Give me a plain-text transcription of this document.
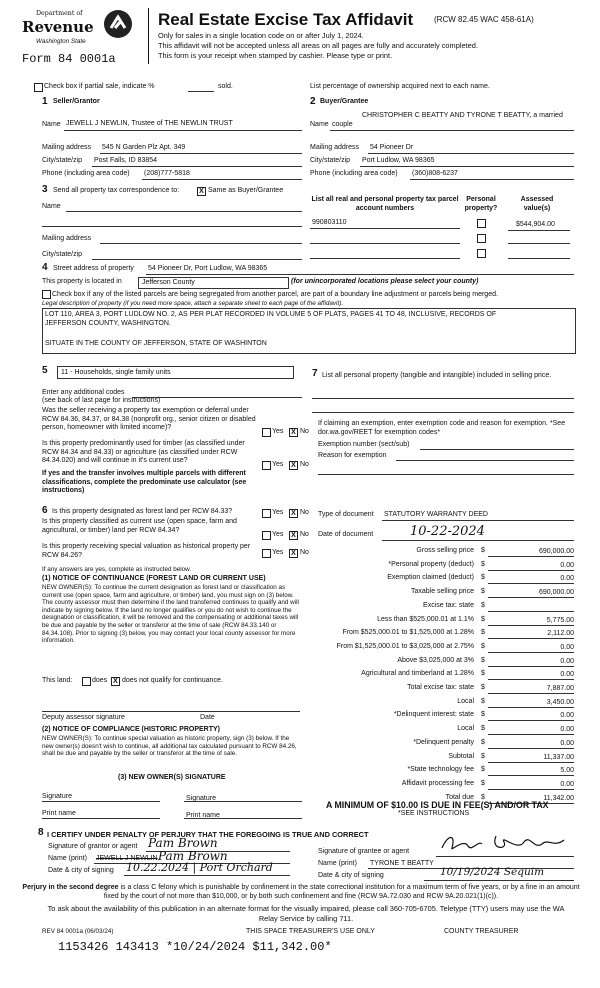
Department of
Revenue
Washington State
Form 84 0001a
Real Estate Excise Tax Affidavit	(RCW 82.45 WAC 458-61A)
Only for sales in a single location code on or after July 1, 2024.
This affidavit will not be accepted unless all areas on all pages are fully and accurately completed.
This form is your receipt when stamped by cashier. Please type or print.
Check box if partial sale, indicate %	sold.	List percentage of ownership acquired next to each name.
1 Seller/Grantor
Name JEWELL J NEWLIN, Trustee of THE NEWLIN TRUST
Mailing address 545 N Garden Plz Apt. 349
City/state/zip Post Falls, ID 83854
Phone (including area code) (208)777-5818
2 Buyer/Grantee
CHRISTOPHER C BEATTY AND TYRONE T BEATTY, a married
Name couple
Mailing address 54 Pioneer Dr
City/state/zip Port Ludlow, WA 98365
Phone (including area code) (360)808-6237
3 Send all property tax correspondence to:	X Same as Buyer/Grantee
Name
Mailing address
City/state/zip
List all real and personal property tax parcel account numbers
Personal property?
Assessed value(s)
990803110	$544,904.00
4 Street address of property 54 Pioneer Dr, Port Ludlow, WA 98365
This property is located in	Jefferson County	(for unincorporated locations please select your county)
Check box if any of the listed parcels are being segregated from another parcel, are part of a boundary line adjustment or parcels being merged.
Legal description of property (if you need more space, attach a separate sheet to each page of the affidavit).
LOT 110, AREA 3, PORT LUDLOW NO. 2, AS PER PLAT RECORDED IN VOLUME 5 OF PLATS, PAGES 41 TO 48, INCLUSIVE, RECORDS OF
JEFFERSON COUNTY, WASHINGTON.
SITUATE IN THE COUNTY OF JEFFERSON, STATE OF WASHINTON
5	11 - Households, single family units
Enter any additional codes
(see back of last page for instructions)
Was the seller receiving a property tax exemption or deferral under RCW 84.36, 84.37, or 84.38 (nonprofit org., senior citizen or disabled person, homeowner with limited income)?
Yes	X No
Is this property predominantly used for timber (as classified under RCW 84.34 and 84.33) or agriculture (as classified under RCW 84.34.020) and will continue in it's current use?
Yes	X No
If yes and the transfer involves multiple parcels with different classifications, complete the predominate use calculator (see instructions)
7 List all personal property (tangible and intangible) included in selling price.
If claiming an exemption, enter exemption code and reason for exemption. *See dor.wa.gov/REET for exemption codes*
Exemption number (sect/sub)
Reason for exemption
6 Is this property designated as forest land per RCW 84.33?	Yes	X No
Is this property classified as current use (open space, farm and agricultural, or timber) land per RCW 84.34?
Yes	X No
Is this property receiving special valuation as historical property per RCW 84.26?	Yes	X No
If any answers are yes, complete as instructed below.
(1) NOTICE OF CONTINUANCE (FOREST LAND OR CURRENT USE)
NEW OWNER(S): To continue the current designation as forest land or classification as current use (open space, farm and agriculture, or timber) land, you must sign on (3) below. The county assessor must then determine if the land transferred continues to qualify and will indicate by signing below. If the land no longer qualifies or you do not wish to continue the designation or classification, it will be removed and the compensating or additional taxes will be due and payable by the seller or transferor at the time of sale (RCW 84.33.140 or 84.34.108). Prior to signing (3) below, you may contact your local county assessor for more information.
This land:	does X does not qualify for continuance.
Deputy assessor signature	Date
(2) NOTICE OF COMPLIANCE (HISTORIC PROPERTY)
NEW OWNER(S): To continue special valuation as historic property, sign (3) below. If the new owner(s) doesn't wish to continue, all additional tax calculated pursuant to RCW 84.26, shall be due and payable by the seller or transferor at the time of sale.
(3) NEW OWNER(S) SIGNATURE
Signature	Signature
Print name	Print name
Type of document STATUTORY WARRANTY DEED
Date of document	10-22-2024
Gross selling price $	690,000.00
*Personal property (deduct) $	0.00
Exemption claimed (deduct) $	0.00
Taxable selling price $	690,000.00
Excise tax: state $
Less than $525,000.01 at 1.1% $	5,775.00
From $525,000.01 to $1,525,000 at 1.28% $	2,112.00
From $1,525,000.01 to $3,025,000 at 2.75% $	0.00
Above $3,025,000 at 3% $	0.00
Agricultural and timberland at 1.28% $	0.00
Total excise tax: state $	7,887.00
Local $	3,450.00
*Delinquent interest: state $	0.00
Local $	0.00
*Delinquent penalty $	0.00
Subtotal $	11,337.00
*State technology fee $	5.00
Affidavit processing fee $	0.00
Total due $	11,342.00
A MINIMUM OF $10.00 IS DUE IN FEE(S) AND/OR TAX
*SEE INSTRUCTIONS
8 I CERTIFY UNDER PENALTY OF PERJURY THAT THE FOREGOING IS TRUE AND CORRECT
Signature of grantor or agent Pam Brown
Name (print) JEWELL J NEWLIN Pam Brown
Date & city of signing 10.22.2024 | Port Orchard
Signature of grantee or agent
Name (print) TYRONE T BEATTY
Date & city of signing	10/19/2024 Sequim
Perjury in the second degree is a class C felony which is punishable by confinement in the state correctional institution for a maximum term of five years, or by a fine in an amount fixed by the court of not more than $10,000, or by both such confinement and fine (RCW 9A.72.030 and RCW 9A.20.021(1)(c)).
To ask about the availability of this publication in an alternate format for the visually impaired, please call 360-705-6705. Teletype (TTY) users may use the WA Relay Service by calling 711.
REV 84 0001a (06/03/24)	THIS SPACE TREASURER'S USE ONLY	COUNTY TREASURER
1153426 143413 *10/24/2024 $11,342.00*
